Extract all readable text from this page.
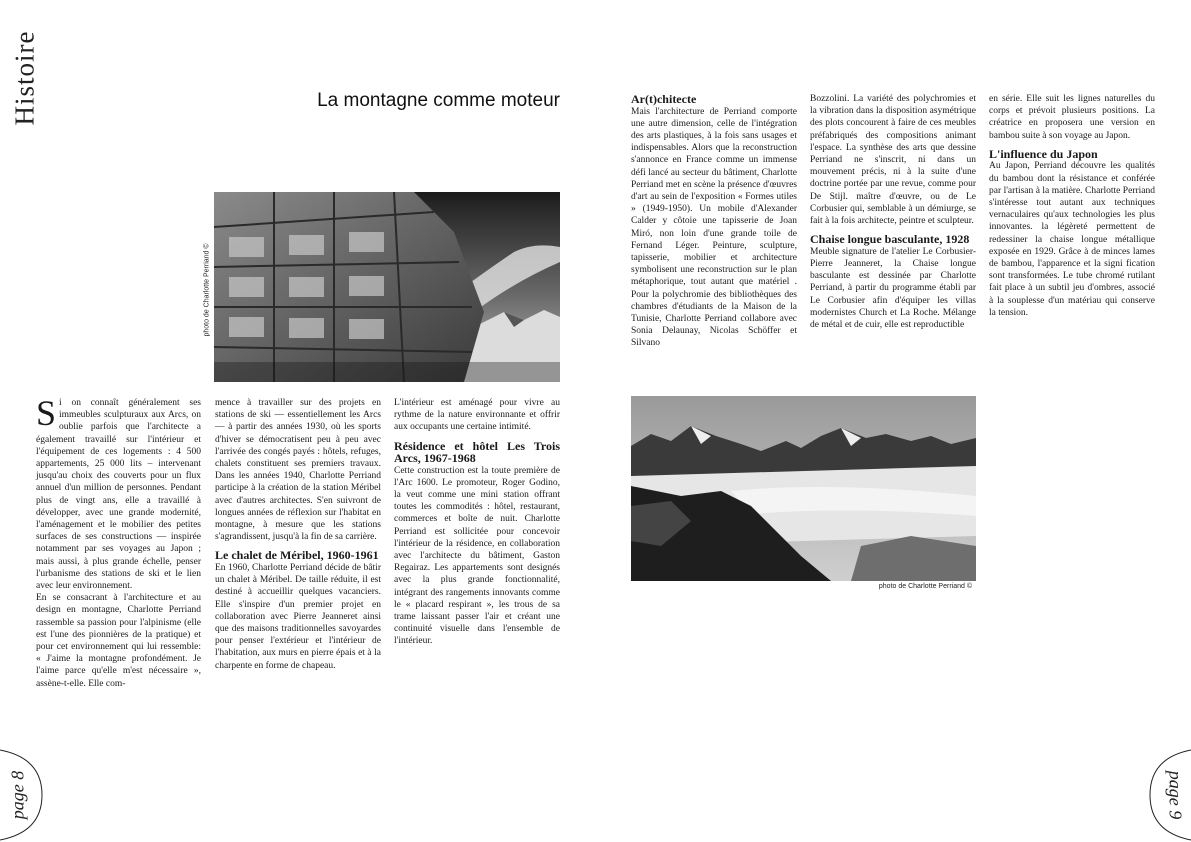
Histoire	La montagne comme moteur
photo de Charlotte Perriand ©

Si on connaît généralement ses immeubles sculpturaux aux Arcs, on oublie parfois que l'architecte a également travaillé sur l'intérieur et l'équipement de ces logements : 4 500 appartements, 25 000 lits – intervenant jusqu'au choix des couverts pour un flux annuel d'un million de personnes. Pendant plus de vingt ans, elle a travaillé à développer, avec une grande modernité, l'aménagement et le mobilier des petites surfaces de ses constructions — inspirée notamment par ses voyages au Japon ; mais aussi, à plus grande échelle, penser l'urbanisme des stations de ski et le lien avec leur environnement.

En se consacrant à l'architecture et au design en montagne, Charlotte Perriand rassemble sa passion pour l'alpinisme (elle est l'une des pionnières de la pratique) et pour cet environnement qui lui ressemble: « J'aime la montagne profondément. Je l'aime parce qu'elle m'est nécessaire », assène-t-elle. Elle com-

mence à travailler sur des projets en stations de ski — essentiellement les Arcs — à partir des années 1930, où les sports d'hiver se démocratisent peu à peu avec l'arrivée des congés payés : hôtels, refuges, chalets constituent ses premiers travaux. Dans les années 1940, Charlotte Perriand participe à la création de la station Méribel avec d'autres architectes. S'en suivront de longues années de réflexion sur l'habitat en montagne, à mesure que les stations s'agrandissent, jusqu'à la fin de sa carrière.

Le chalet de Méribel, 1960-1961

En 1960, Charlotte Perriand décide de bâtir un chalet à Méribel. De taille réduite, il est destiné à accueillir quelques vacanciers. Elle s'inspire d'un premier projet en collaboration avec Pierre Jeanneret ainsi que des maisons traditionnelles savoyardes pour penser l'extérieur et l'intérieur de l'habitation, aux murs en pierre épais et à la charpente en forme de chapeau.

L'intérieur est aménagé pour vivre au rythme de la nature environnante et offrir aux occupants une certaine intimité.

Résidence et hôtel Les Trois Arcs, 1967-1968

Cette construction est la toute première de l'Arc 1600. Le promoteur, Roger Godino, la veut comme une mini station offrant toutes les commodités : hôtel, restaurant, commerces et boîte de nuit. Charlotte Perriand est sollicitée pour concevoir l'intérieur de la résidence, en collaboration avec l'architecte du bâtiment, Gaston Regairaz. Les appartements sont designés avec la plus grande fonctionnalité, intégrant des rangements innovants comme le « placard respirant », les trous de sa trame laissant passer l'air et créant une continuité visuelle dans l'ensemble de l'intérieur.

Ar(t)chitecte

Mais l'architecture de Perriand comporte une autre dimension, celle de l'intégration des arts plastiques, à la fois sans usages et indispensables. Alors que la reconstruction s'annonce en France comme un immense défi lancé au secteur du bâtiment, Charlotte Perriand met en scène la présence d'œuvres d'art au sein de l'exposition « Formes utiles » (1949-1950). Un mobile d'Alexander Calder y côtoie une tapisserie de Joan Miró, non loin d'une grande toile de Fernand Léger. Peinture, sculpture, tapisserie, mobilier et architecture symbolisent une reconstruction sur le plan métaphorique, tout autant que matériel . Pour la polychromie des bibliothèques des chambres d'étudiants de la Maison de la Tunisie, Charlotte Perriand collabore avec Sonia Delaunay, Nicolas Schöffer et Silvano

Bozzolini. La variété des polychromies et la vibration dans la disposition asymétrique des plots concourent à faire de ces meubles préfabriqués des compositions animant l'espace. La synthèse des arts que dessine Perriand ne s'inscrit, ni dans un mouvement précis, ni à la suite d'une doctrine portée par une revue, comme pour De Stijl. maître d'œuvre, ou de Le Corbusier qui, semblable à un démiurge, se fait à la fois architecte, peintre et sculpteur.

Chaise longue basculante, 1928

Meuble signature de l'atelier Le Corbusier-Pierre Jeanneret, la Chaise longue basculante est dessinée par Charlotte Perriand, à partir du programme établi par Le Corbusier afin d'équiper les villas modernistes Church et La Roche. Mélange de métal et de cuir, elle est reproductible

en série. Elle suit les lignes naturelles du corps et prévoit plusieurs positions. La créatrice en proposera une version en bambou suite à son voyage au Japon.

L'influence du Japon

Au Japon, Perriand découvre les qualités du bambou dont la résistance et conférée par l'artisan à la matière. Charlotte Perriand s'intéresse tout autant aux techniques vernaculaires qu'aux technologies les plus innovantes. la légèreté permettent de redessiner la chaise longue métallique exposée en 1929. Grâce à de minces lames de bambou, l'apparence et la signi fication sont transformées. Le tube chromé rutilant fait place à un subtil jeu d'ombres, associé à la souplesse d'un matériau qui conserve la tension.

photo de Charlotte Perriand ©
page 8	page 9
